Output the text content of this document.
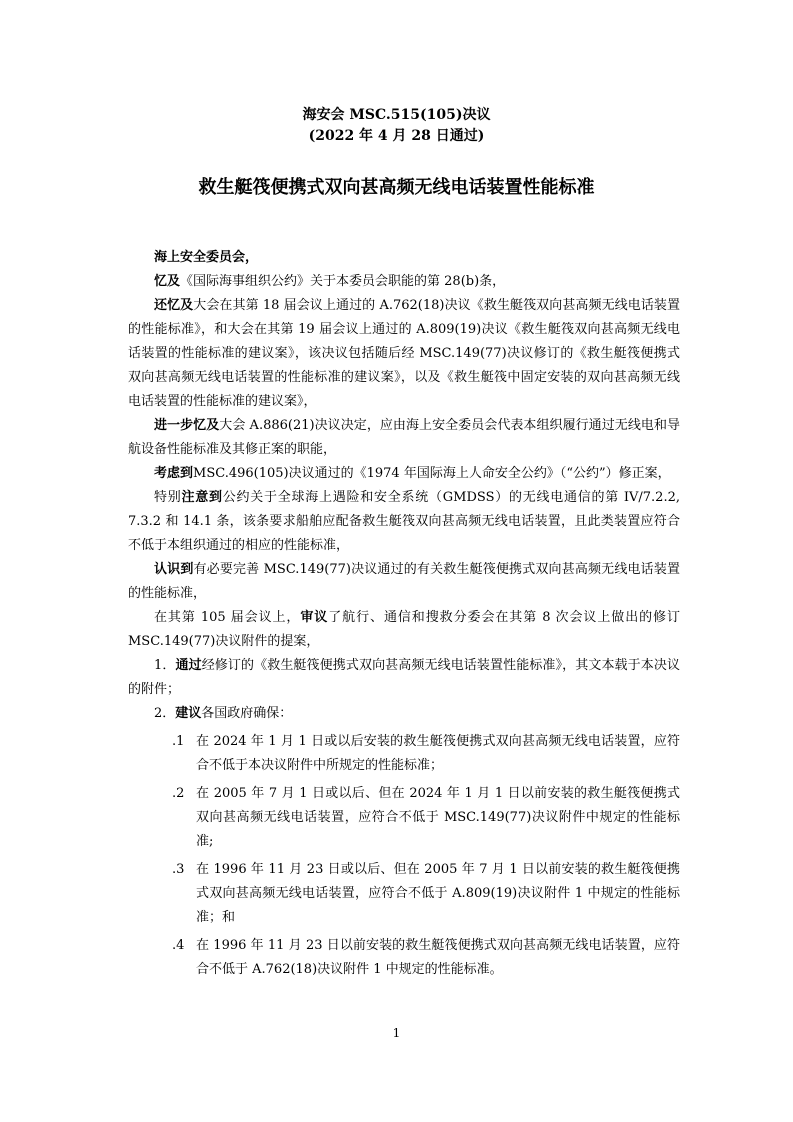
海安会 MSC.515(105)决议
(2022 年 4 月 28 日通过)
救生艇筏便携式双向甚高频无线电话装置性能标准

海上安全委员会，

忆及《国际海事组织公约》关于本委员会职能的第 28(b)条，

还忆及大会在其第 18 届会议上通过的 A.762(18)决议《救生艇筏双向甚高频无线电话装置的性能标准》，和大会在其第 19 届会议上通过的 A.809(19)决议《救生艇筏双向甚高频无线电话装置的性能标准的建议案》，该决议包括随后经 MSC.149(77)决议修订的《救生艇筏便携式双向甚高频无线电话装置的性能标准的建议案》，以及《救生艇筏中固定安装的双向甚高频无线电话装置的性能标准的建议案》，

进一步忆及大会 A.886(21)决议决定，应由海上安全委员会代表本组织履行通过无线电和导航设备性能标准及其修正案的职能，

考虑到MSC.496(105)决议通过的《1974 年国际海上人命安全公约》（“公约”）修正案，

特别注意到公约关于全球海上遇险和安全系统（GMDSS）的无线电通信的第 IV/7.2.2, 7.3.2 和 14.1 条，该条要求船舶应配备救生艇筏双向甚高频无线电话装置，且此类装置应符合不低于本组织通过的相应的性能标准，

认识到有必要完善 MSC.149(77)决议通过的有关救生艇筏便携式双向甚高频无线电话装置的性能标准，

在其第 105 届会议上，审议了航行、通信和搜救分委会在其第 8 次会议上做出的修订 MSC.149(77)决议附件的提案，

1．通过经修订的《救生艇筏便携式双向甚高频无线电话装置性能标准》，其文本载于本决议的附件；

2．建议各国政府确保：

.1 在 2024 年 1 月 1 日或以后安装的救生艇筏便携式双向甚高频无线电话装置，应符合不低于本决议附件中所规定的性能标准；

.2 在 2005 年 7 月 1 日或以后、但在 2024 年 1 月 1 日以前安装的救生艇筏便携式双向甚高频无线电话装置，应符合不低于 MSC.149(77)决议附件中规定的性能标准;

.3 在 1996 年 11 月 23 日或以后、但在 2005 年 7 月 1 日以前安装的救生艇筏便携式双向甚高频无线电话装置，应符合不低于 A.809(19)决议附件 1 中规定的性能标准；和

.4 在 1996 年 11 月 23 日以前安装的救生艇筏便携式双向甚高频无线电话装置，应符合不低于 A.762(18)决议附件 1 中规定的性能标准。

1
